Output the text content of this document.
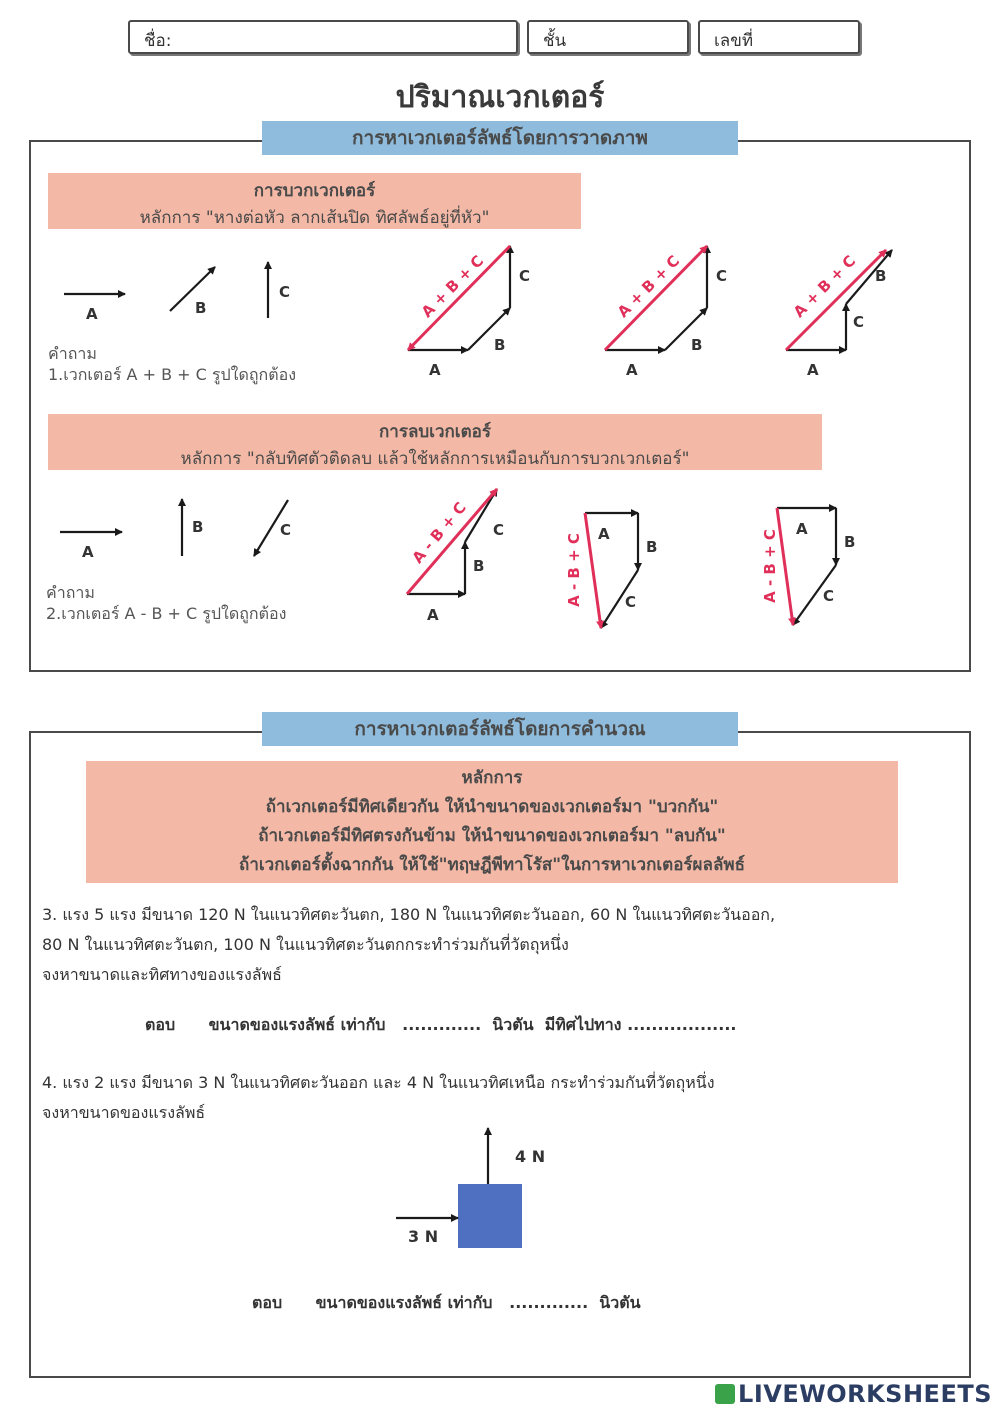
ชื่อ:	ชั้น	เลขที่
ปริมาณเวกเตอร์
การหาเวกเตอร์ลัพธ์โดยการวาดภาพ
การบวกเวกเตอร์
หลักการ "หางต่อหัว ลากเส้นปิด ทิศลัพธ์อยู่ที่หัว"
คำถาม
1.เวกเตอร์ A + B + C รูปใดถูกต้อง
การลบเวกเตอร์
หลักการ "กลับทิศตัวติดลบ แล้วใช้หลักการเหมือนกับการบวกเวกเตอร์"
คำถาม
2.เวกเตอร์ A - B + C รูปใดถูกต้อง
A	B
C
A
B
C
A
B
C
A
C
B
A
B	C
A
B
C	A
B
C
A
B
C
A + B + C	A + B + C	A + B + C
A - B + C
A - B + C	A - B + C
การหาเวกเตอร์ลัพธ์โดยการคำนวณ
หลักการ
ถ้าเวกเตอร์มีทิศเดียวกัน ให้นำขนาดของเวกเตอร์มา "บวกกัน"
ถ้าเวกเตอร์มีทิศตรงกันข้าม ให้นำขนาดของเวกเตอร์มา "ลบกัน"
ถ้าเวกเตอร์ตั้งฉากกัน ให้ใช้"ทฤษฎีพีทาโรัส"ในการหาเวกเตอร์ผลลัพธ์
3. แรง 5 แรง มีขนาด 120 N ในแนวทิศตะวันตก, 180 N ในแนวทิศตะวันออก, 60 N ในแนวทิศตะวันออก,
80 N ในแนวทิศตะวันตก, 100 N ในแนวทิศตะวันตกกระทำร่วมกันที่วัตถุหนึ่ง
จงหาขนาดและทิศทางของแรงลัพธ์
ตอบ      ขนาดของแรงลัพธ์ เท่ากับ   .............  นิวตัน  มีทิศไปทาง ..................
4. แรง 2 แรง มีขนาด 3 N ในแนวทิศตะวันออก และ 4 N ในแนวทิศเหนือ กระทำร่วมกันที่วัตถุหนึ่ง
จงหาขนาดของแรงลัพธ์
4 N
3 N
ตอบ      ขนาดของแรงลัพธ์ เท่ากับ   .............  นิวตัน
LIVEWORKSHEETS
